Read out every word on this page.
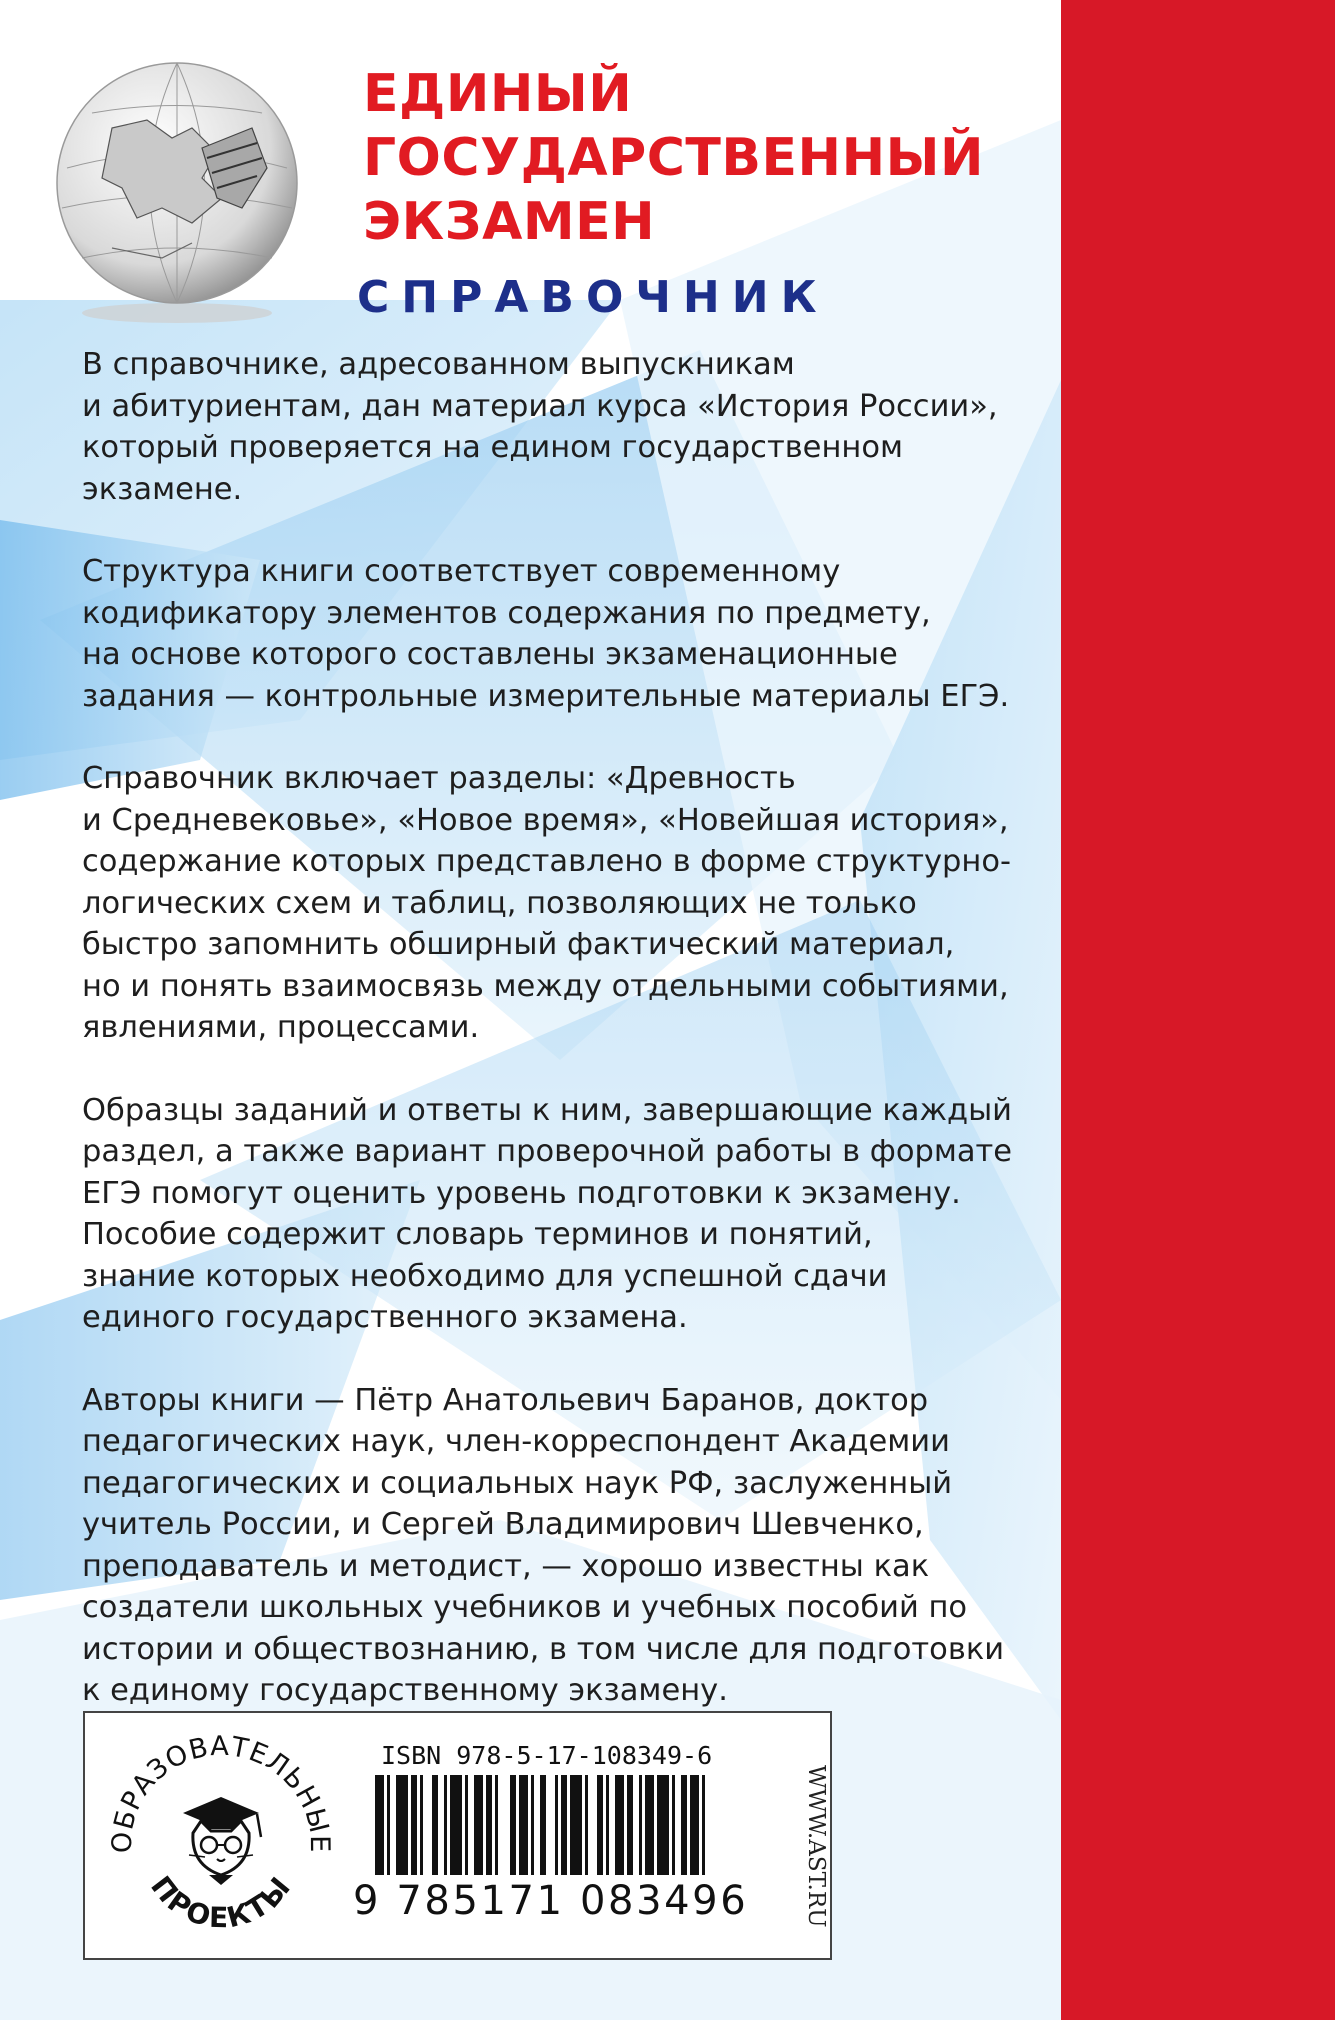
ЕДИНЫЙ
ГОСУДАРСТВЕННЫЙ
ЭКЗАМЕН
СПРАВОЧНИК

В справочнике, адресованном выпускникам
и абитуриентам, дан материал курса «История России»,
который проверяется на едином государственном
экзамене.

Структура книги соответствует современному
кодификатору элементов содержания по предмету,
на основе которого составлены экзаменационные
задания — контрольные измерительные материалы ЕГЭ.

Справочник включает разделы: «Древность
и Средневековье», «Новое время», «Новейшая история»,
содержание которых представлено в форме структурно-
логических схем и таблиц, позволяющих не только
быстро запомнить обширный фактический материал,
но и понять взаимосвязь между отдельными событиями,
явлениями, процессами.

Образцы заданий и ответы к ним, завершающие каждый
раздел, а также вариант проверочной работы в формате
ЕГЭ помогут оценить уровень подготовки к экзамену.
Пособие содержит словарь терминов и понятий,
знание которых необходимо для успешной сдачи
единого государственного экзамена.

Авторы книги — Пётр Анатольевич Баранов, доктор
педагогических наук, член-корреспондент Академии
педагогических и социальных наук РФ, заслуженный
учитель России, и Сергей Владимирович Шевченко,
преподаватель и методист, — хорошо известны как
создатели школьных учебников и учебных пособий по
истории и обществознанию, в том числе для подготовки
к единому государственному экзамену.

ОБРАЗОВАТЕЛЬНЫЕ
ПРОЕКТЫ
ISBN 978-5-17-108349-6
9 785171 083496 WWW.AST.RU
